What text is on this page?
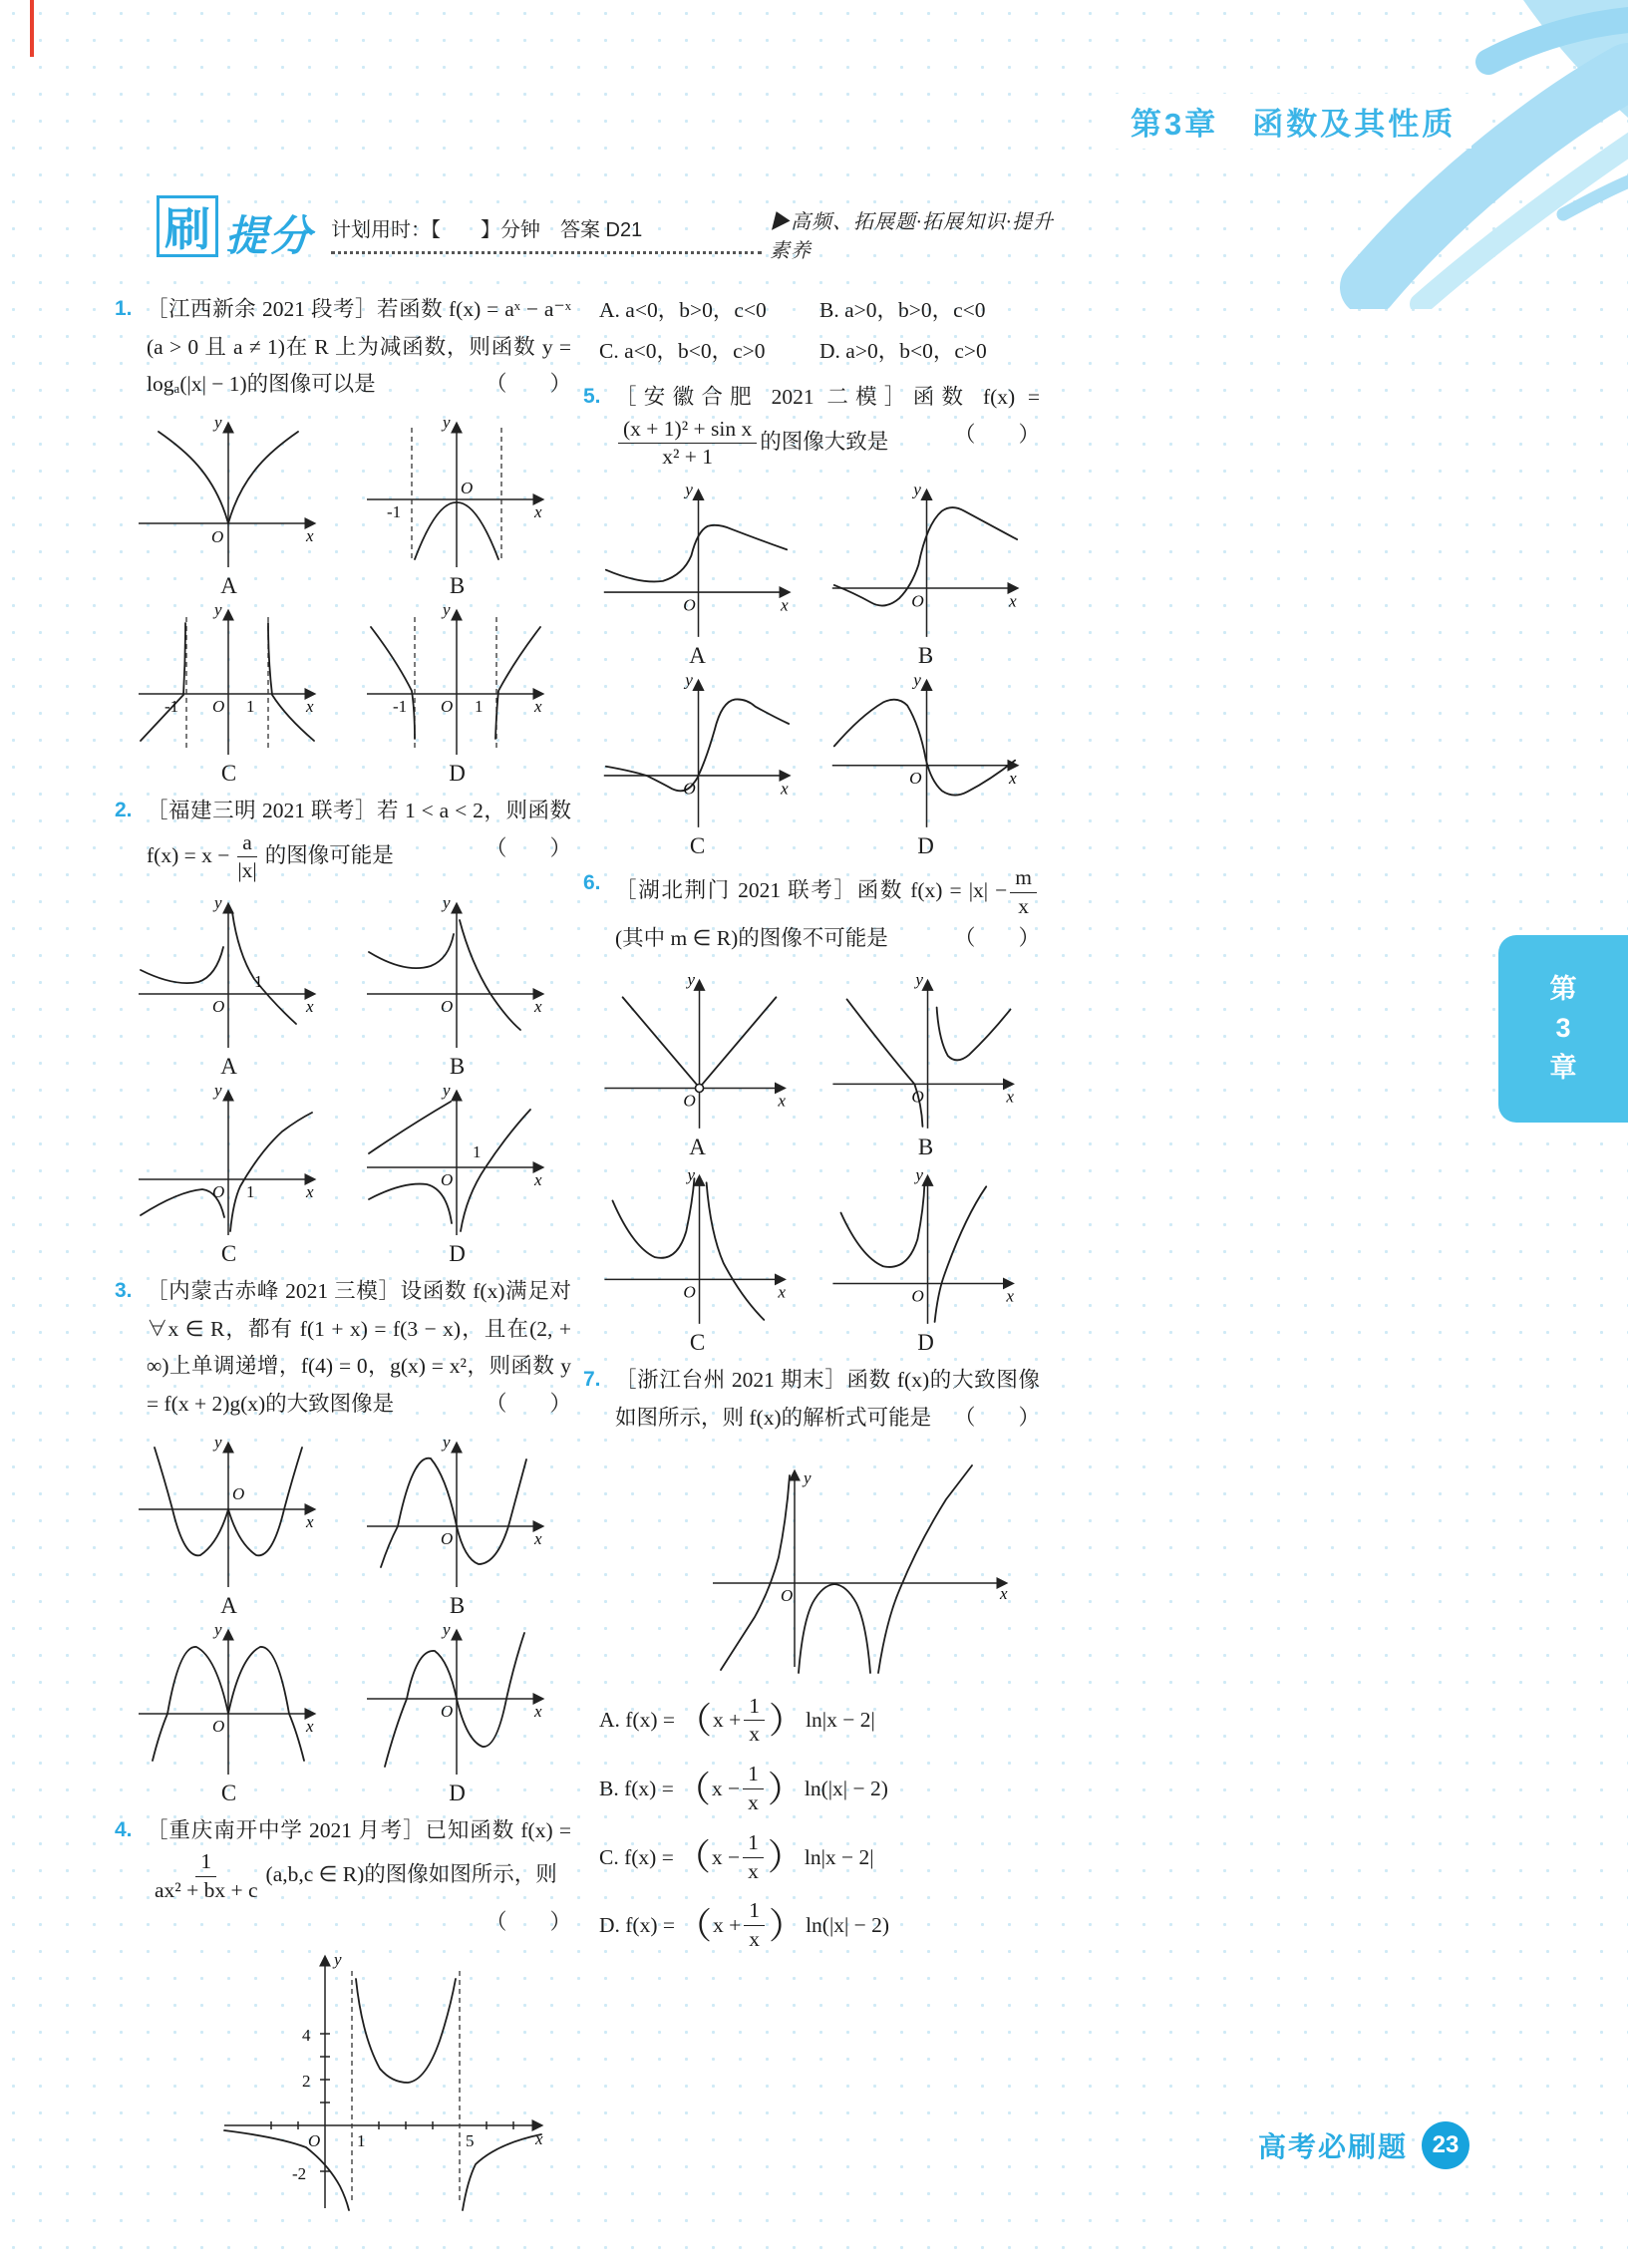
第3章　函数及其性质
刷 提分 计划用时：【　　】分钟　答案 D21	▶高频、拓展题·拓展知识·提升素养
1. ［江西新余 2021 段考］若函数 f(x) = aˣ − a⁻ˣ (a > 0 且 a ≠ 1)在 R 上为减函数，则函数 y = logₐ(|x| − 1)的图像可以是	（　　）
y
x
O
A
y
x
O
-1
B
y
x
O
-1	1
C
y
x
O
-1	1
D
2. ［福建三明 2021 联考］若 1 < a < 2，则函数 $f(x) = x - \frac{a}{|x|}$ 的图像可能是	（　　）
y
x
O
1
A
y
x
O
B
y
x
O 1
C
y
x
O
1
D
3. ［内蒙古赤峰 2021 三模］设函数 f(x)满足对 ∀x ∈ R，都有 f(1 + x) = f(3 − x)，且在(2, + ∞)上单调递增，f(4) = 0，g(x) = x²，则函数 y = f(x + 2)g(x)的大致图像是	（　　）
y
x
O
A
y
x
O
B
y
x
O
C
y
x
O
D
4. ［重庆南开中学 2021 月考］已知函数 f(x) =
$\frac{1}{\text{ax² + bx + c}} (a,b,c$ ∈ R)的图像如图所示，则
（　　）
y
x
O
4
2
-2
1	5
A. a<0，b>0，c<0	B. a>0，b>0，c<0
C. a<0，b<0，c>0	D. a>0，b<0，c>0
5. ［安徽合肥 2021 二模］函数 f(x) =
$\frac{\text{(x + 1)² + sin x}}{\text{x² + 1}}$ 的图像大致是	（　　）
y
x
O
A
y
x
O
B
y
x
O
C
y
O	x
D
6. ［湖北荆门 2021 联考］函数 $f(x) = |x| - \frac{m}{x}$
(其中 m ∈ R)的图像不可能是	（　　）
y
x
O
A
y
x
O
B
y
x
O
C
y
x
O
D
7. ［浙江台州 2021 期末］函数 f(x)的大致图像如图所示，则 f(x)的解析式可能是 （　　）
y
x
O
A. f(x) = （ $x + \frac{1}{x}$ ） ln|x − 2|
B. f(x) = （ $x - \frac{1}{x}$ ） ln(|x| − 2)
C. f(x) = （ $x - \frac{1}{x}$ ） ln|x − 2|
D. f(x) = （ $x + \frac{1}{x}$ ） ln(|x| − 2)
第
3
章
高考必刷题	23
